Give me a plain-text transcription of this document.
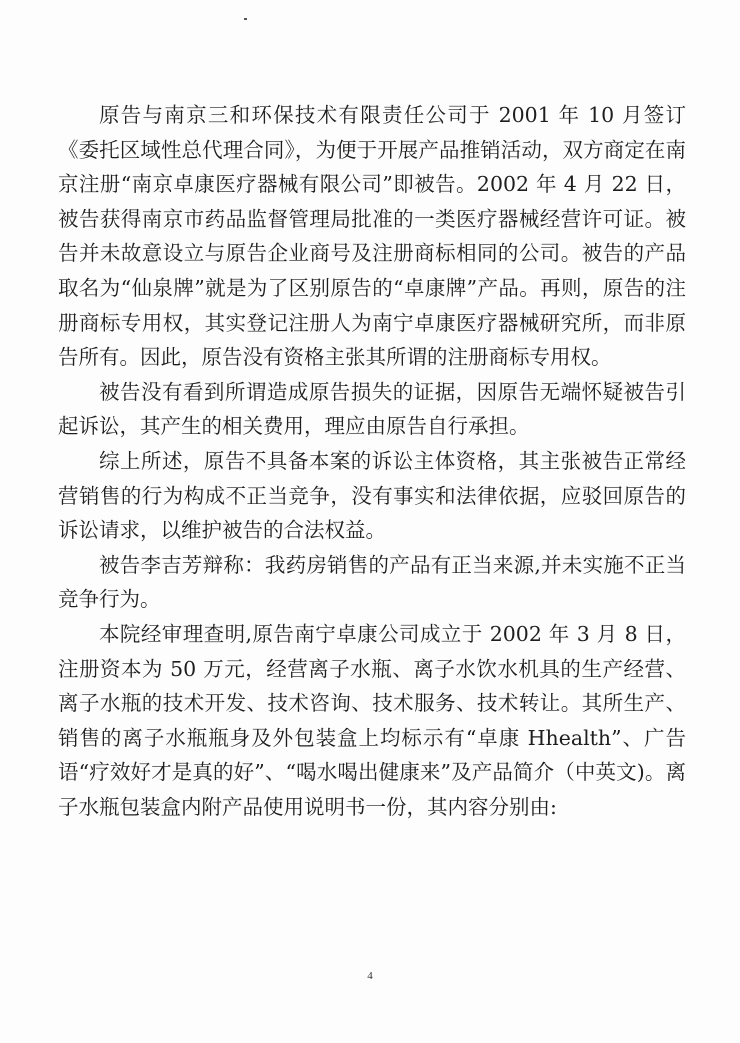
原告与南京三和环保技术有限责任公司于 2001 年 10 月签订《委托区域性总代理合同》，为便于开展产品推销活动，双方商定在南京注册“南京卓康医疗器械有限公司”即被告。2002 年 4 月 22 日，被告获得南京市药品监督管理局批准的一类医疗器械经营许可证。被告并未故意设立与原告企业商号及注册商标相同的公司。被告的产品取名为“仙泉牌”就是为了区别原告的“卓康牌”产品。再则，原告的注册商标专用权，其实登记注册人为南宁卓康医疗器械研究所，而非原告所有。因此，原告没有资格主张其所谓的注册商标专用权。

被告没有看到所谓造成原告损失的证据，因原告无端怀疑被告引起诉讼，其产生的相关费用，理应由原告自行承担。

综上所述，原告不具备本案的诉讼主体资格，其主张被告正常经营销售的行为构成不正当竞争，没有事实和法律依据，应驳回原告的诉讼请求，以维护被告的合法权益。

被告李吉芳辩称：我药房销售的产品有正当来源,并未实施不正当竞争行为。

本院经审理查明,原告南宁卓康公司成立于 2002 年 3 月 8 日，注册资本为 50 万元，经营离子水瓶、离子水饮水机具的生产经营、离子水瓶的技术开发、技术咨询、技术服务、技术转让。其所生产、销售的离子水瓶瓶身及外包装盒上均标示有“卓康 Hhealth”、广告语“疗效好才是真的好”、“喝水喝出健康来”及产品简介（中英文)。离子水瓶包装盒内附产品使用说明书一份，其内容分别由:

4
